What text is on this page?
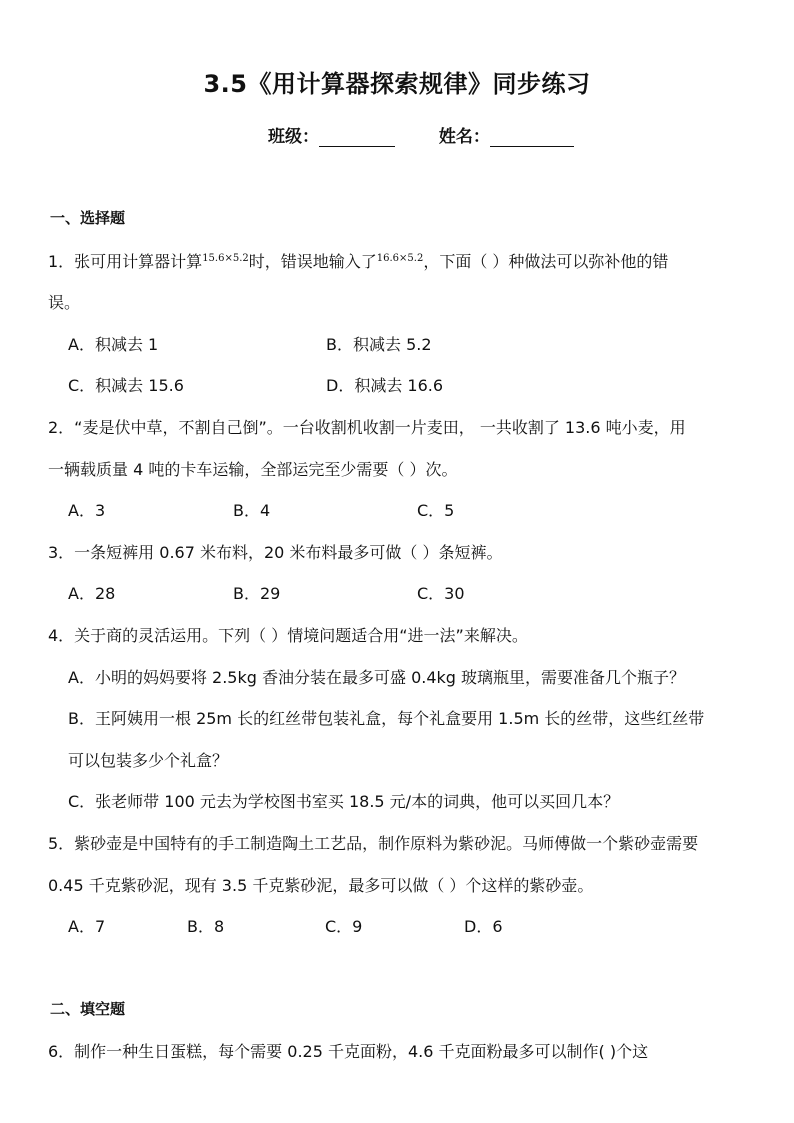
3.5《用计算器探索规律》同步练习
班级：	姓名：
一、选择题
1．张可用计算器计算$^{15.6\times 5.2}$时，错误地输入了$^{16.6\times 5.2}$，下面（ ）种做法可以弥补他的错
误。
A．积减去 1	B．积减去 5.2
C．积减去 15.6	D．积减去 16.6
2．“麦是伏中草，不割自己倒”。一台收割机收割一片麦田， 一共收割了 13.6 吨小麦，用
一辆载质量 4 吨的卡车运输，全部运完至少需要（ ）次。
A．3	B．4	C．5
3．一条短裤用 0.67 米布料，20 米布料最多可做（ ）条短裤。
A．28	B．29	C．30
4．关于商的灵活运用。下列（ ）情境问题适合用“进一法”来解决。
A．小明的妈妈要将 2.5kg 香油分装在最多可盛 0.4kg 玻璃瓶里，需要准备几个瓶子？
B．王阿姨用一根 25m 长的红丝带包装礼盒，每个礼盒要用 1.5m 长的丝带，这些红丝带
可以包装多少个礼盒？
C．张老师带 100 元去为学校图书室买 18.5 元/本的词典，他可以买回几本？
5．紫砂壶是中国特有的手工制造陶土工艺品，制作原料为紫砂泥。马师傅做一个紫砂壶需要
0.45 千克紫砂泥，现有 3.5 千克紫砂泥，最多可以做（ ）个这样的紫砂壶。
A．7	B．8	C．9	D．6
二、填空题
6．制作一种生日蛋糕，每个需要 0.25 千克面粉，4.6 千克面粉最多可以制作( )个这
